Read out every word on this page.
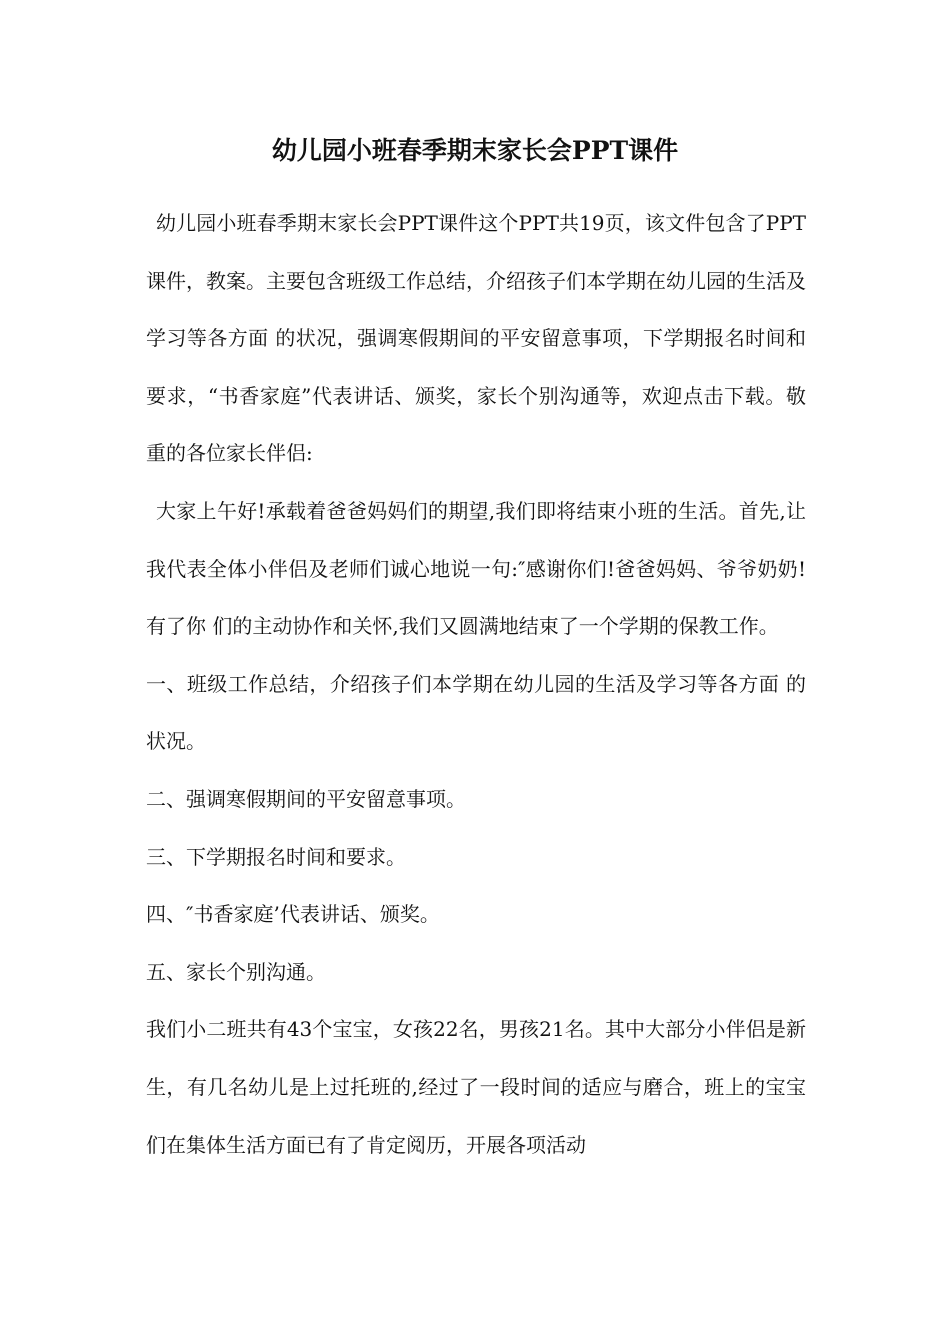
幼儿园小班春季期末家长会PPT课件

幼儿园小班春季期末家长会PPT课件这个PPT共19页，该文件包含了PPT课件，教案。主要包含班级工作总结，介绍孩子们本学期在幼儿园的生活及学习等各方面 的状况，强调寒假期间的平安留意事项，下学期报名时间和要求，“书香家庭”代表讲话、颁奖，家长个别沟通等，欢迎点击下载。敬重的各位家长伴侣:

大家上午好!承载着爸爸妈妈们的期望,我们即将结束小班的生活。首先,让我代表全体小伴侣及老师们诚心地说一句:″感谢你们!爸爸妈妈、爷爷奶奶!有了你 们的主动协作和关怀,我们又圆满地结束了一个学期的保教工作。

一、班级工作总结，介绍孩子们本学期在幼儿园的生活及学习等各方面 的状况。

二、强调寒假期间的平安留意事项。

三、下学期报名时间和要求。

四、″书香家庭’代表讲话、颁奖。

五、家长个别沟通。

我们小二班共有43个宝宝，女孩22名，男孩21名。其中大部分小伴侣是新生，有几名幼儿是上过托班的,经过了一段时间的适应与磨合，班上的宝宝们在集体生活方面已有了肯定阅历，开展各项活动
